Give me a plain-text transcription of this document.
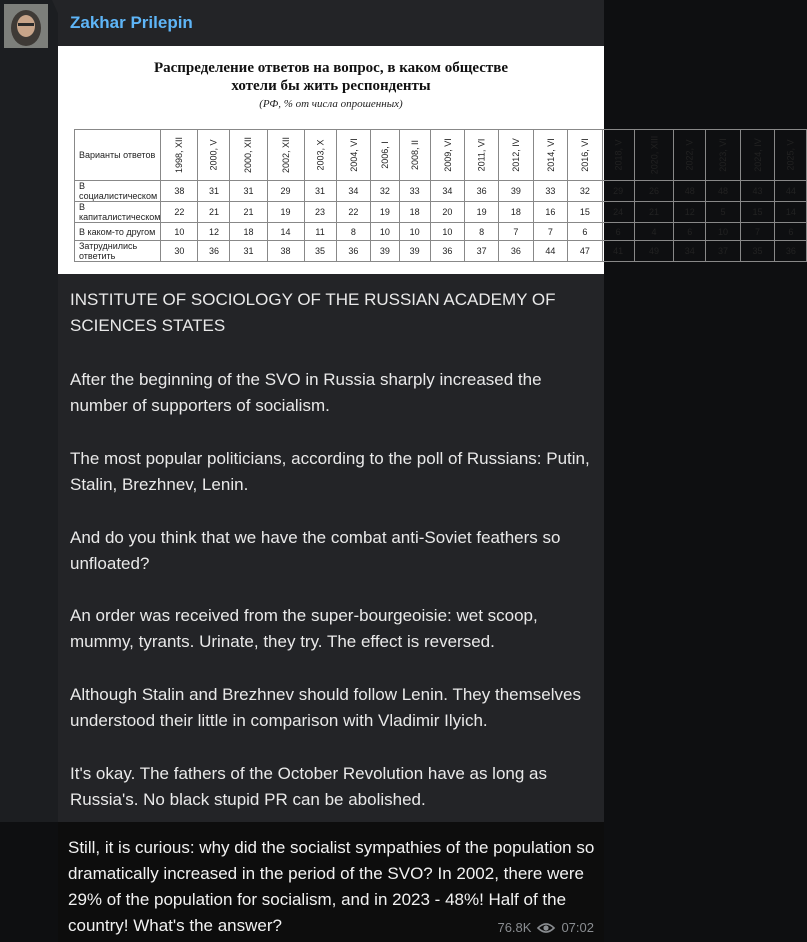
Zakhar Prilepin
Распределение ответов на вопрос, в каком обществе
хотели бы жить респонденты
(РФ, % от числа опрошенных)
Варианты ответов	1998, XII	2000, V	2000, XII	2002, XII	2003, X	2004, VI	2006, I	2008, II	2009, VI	2011, VI	2012, IV	2014, VI	2016, VI	2018, V	2020, XIII	2022, V	2023, VI	2024, IV	2025, V
В социалистическом	38	31	31	29	31	34	32	33	34	36	39	33	32	29	26	48	48	43	44
В капиталистическом	22	21	21	19	23	22	19	18	20	19	18	16	15	24	21	12	5	15	14
В каком-то другом	10	12	18	14	11	8	10	10	10	8	7	7	6	6	4	6	10	7	6
Затруднились ответить	30	36	31	38	35	36	39	39	36	37	36	44	47	41	49	34	37	35	36
INSTITUTE OF SOCIOLOGY OF THE RUSSIAN ACADEMY OF SCIENCES STATES
After the beginning of the SVO in Russia sharply increased the number of supporters of socialism.
The most popular politicians, according to the poll of Russians: Putin, Stalin, Brezhnev, Lenin.
And do you think that we have the combat anti-Soviet feathers so unfloated?
An order was received from the super-bourgeoisie: wet scoop, mummy, tyrants. Urinate, they try. The effect is reversed.
Although Stalin and Brezhnev should follow Lenin. They themselves understood their little in comparison with Vladimir Ilyich.
It's okay. The fathers of the October Revolution have as long as Russia's. No black stupid PR can be abolished.
Still, it is curious: why did the socialist sympathies of the population so dramatically increased in the period of the SVO? In 2002, there were 29% of the population for socialism, and in 2023 - 48%! Half of the country! What's the answer?	76.8K 07:02
